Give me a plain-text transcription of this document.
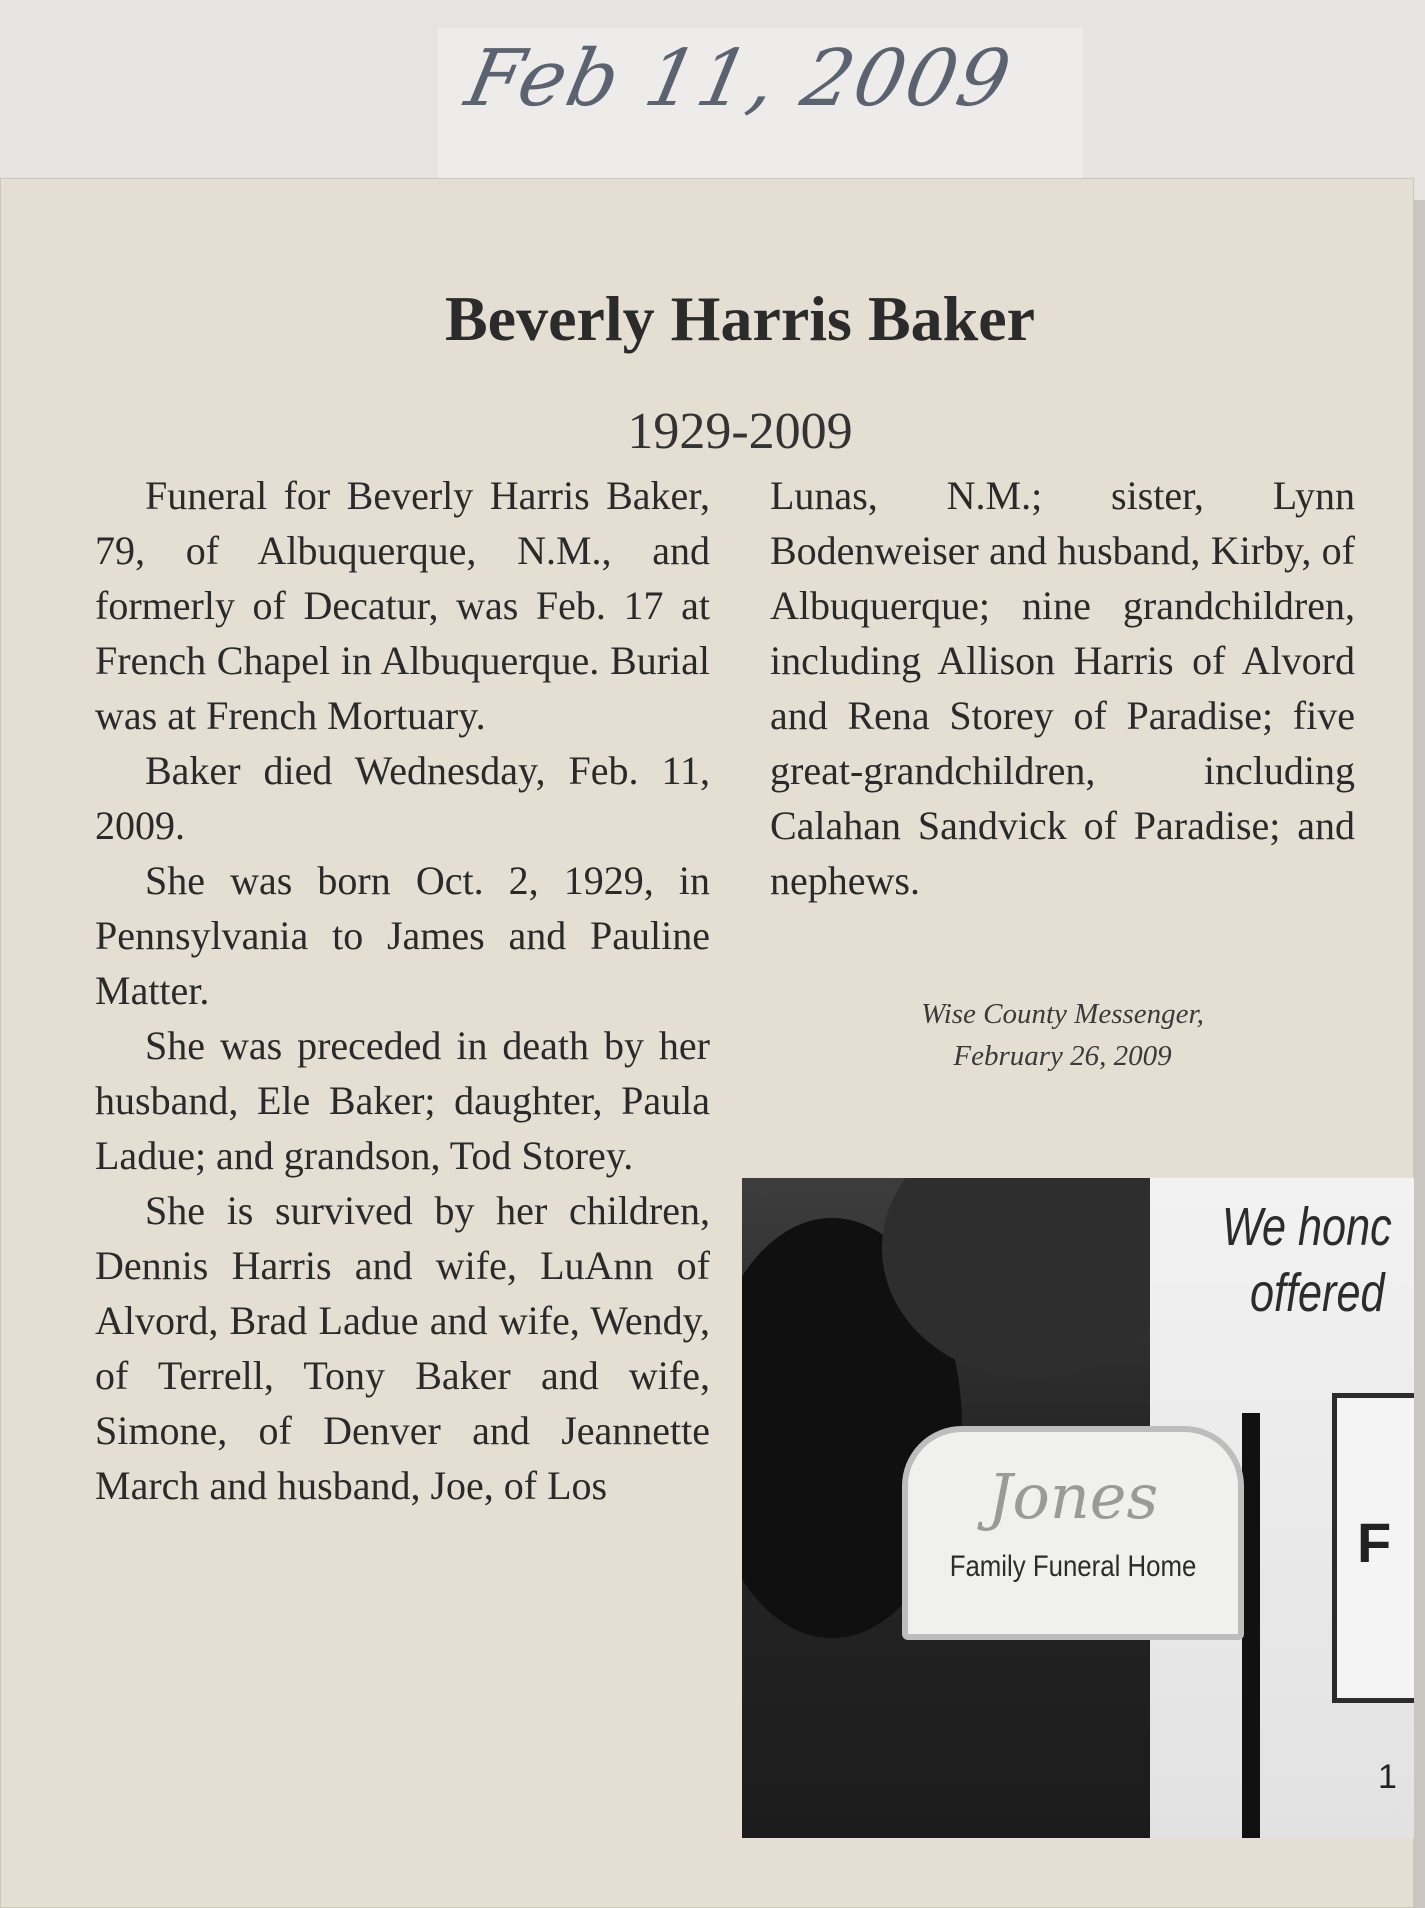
Feb 11, 2009
Beverly Harris Baker
1929-2009

Funeral for Beverly Harris Baker, 79, of Albuquerque, N.M., and formerly of Decatur, was Feb. 17 at French Chapel in Albuquerque. Burial was at French Mortuary.

Baker died Wednesday, Feb. 11, 2009.

She was born Oct. 2, 1929, in Pennsylvania to James and Pauline Matter.

She was preceded in death by her husband, Ele Baker; daughter, Paula Ladue; and grandson, Tod Storey.

She is survived by her children, Dennis Harris and wife, LuAnn of Alvord, Brad Ladue and wife, Wendy, of Terrell, Tony Baker and wife, Simone, of Denver and Jeannette March and husband, Joe, of Los

Lunas, N.M.; sister, Lynn Bodenweiser and husband, Kirby, of Albuquerque; nine grandchildren, including Allison Harris of Alvord and Rena Storey of Paradise; five great-grandchildren, including Calahan Sandvick of Paradise; and nephews.

Wise County Messenger,
February 26, 2009
We honc
offered
Jones
Family Funeral Home	F
1
